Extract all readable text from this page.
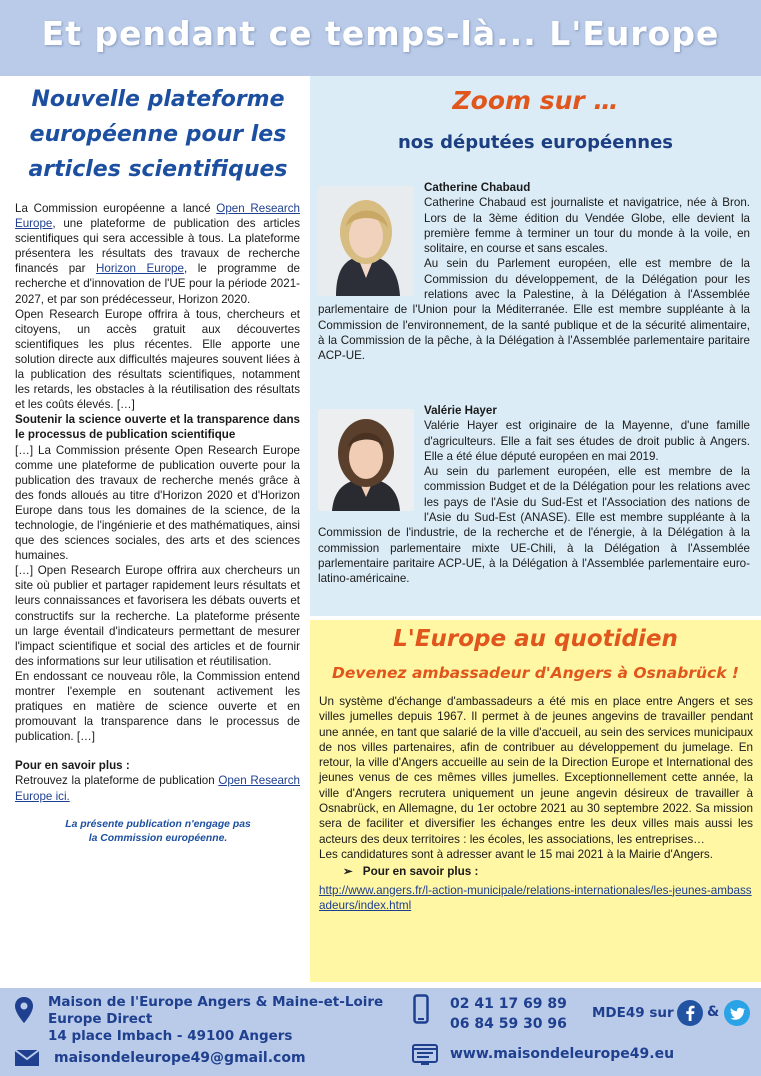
Et pendant ce temps-là... L'Europe
Nouvelle plateforme
européenne pour les
articles scientifiques

La Commission européenne a lancé Open Research Europe, une plateforme de publication des articles scientifiques qui sera accessible à tous. La plateforme présentera les résultats des travaux de recherche financés par Horizon Europe, le programme de recherche et d'innovation de l'UE pour la période 2021-2027, et par son prédécesseur, Horizon 2020.

Open Research Europe offrira à tous, chercheurs et citoyens, un accès gratuit aux découvertes scientifiques les plus récentes. Elle apporte une solution directe aux difficultés majeures souvent liées à la publication des résultats scientifiques, notamment les retards, les obstacles à la réutilisation des résultats et les coûts élevés. […]

Soutenir la science ouverte et la transparence dans le processus de publication scientifique

[…] La Commission présente Open Research Europe comme une plateforme de publication ouverte pour la publication des travaux de recherche menés grâce à des fonds alloués au titre d'Horizon 2020 et d'Horizon Europe dans tous les domaines de la science, de la technologie, de l'ingénierie et des mathématiques, ainsi que des sciences sociales, des arts et des sciences humaines.

[…] Open Research Europe offrira aux chercheurs un site où publier et partager rapidement leurs résultats et leurs connaissances et favorisera les débats ouverts et constructifs sur la recherche. La plateforme présente un large éventail d'indicateurs permettant de mesurer l'impact scientifique et social des articles et de fournir des informations sur leur utilisation et réutilisation.

En endossant ce nouveau rôle, la Commission entend montrer l'exemple en soutenant activement les pratiques en matière de science ouverte et en promouvant la transparence dans le processus de publication. […]

Pour en savoir plus :
Retrouvez la plateforme de publication Open Research Europe ici.
La présente publication n'engage pas
la Commission européenne.
Zoom sur …
nos députées européennes
Catherine Chabaud

Catherine Chabaud est journaliste et navigatrice, née à Bron. Lors de la 3ème édition du Vendée Globe, elle devient la première femme à terminer un tour du monde à la voile, en solitaire, en course et sans escales.

Au sein du Parlement européen, elle est membre de la Commission du développement, de la Délégation pour les relations avec la Palestine, à la Délégation à l'Assemblée parlementaire de l'Union pour la Méditerranée. Elle est membre suppléante à la Commission de l'environnement, de la santé publique et de la sécurité alimentaire, à la Commission de la pêche, à la Délégation à l'Assemblée parlementaire paritaire ACP-UE.

Valérie Hayer

Valérie Hayer est originaire de la Mayenne, d'une famille d'agriculteurs. Elle a fait ses études de droit public à Angers. Elle a été élue député européen en mai 2019.

Au sein du parlement européen, elle est membre de la commission Budget et de la Délégation pour les relations avec les pays de l'Asie du Sud-Est et l'Association des nations de l'Asie du Sud-Est (ANASE). Elle est membre suppléante à la Commission de l'industrie, de la recherche et de l'énergie, à la Délégation à la commission parlementaire mixte UE-Chili, à la Délégation à l'Assemblée parlementaire paritaire ACP-UE, à la Délégation à l'Assemblée parlementaire euro-latino-américaine.

L'Europe au quotidien
Devenez ambassadeur d'Angers à Osnabrück !

Un système d'échange d'ambassadeurs a été mis en place entre Angers et ses villes jumelles depuis 1967. Il permet à de jeunes angevins de travailler pendant une année, en tant que salarié de la ville d'accueil, au sein des services municipaux de nos villes partenaires, afin de contribuer au développement du jumelage. En retour, la ville d'Angers accueille au sein de la Direction Europe et International des jeunes venus de ces mêmes villes jumelles. Exceptionnellement cette année, la ville d'Angers recrutera uniquement un jeune angevin désireux de travailler à Osnabrück, en Allemagne, du 1er octobre 2021 au 30 septembre 2022. Sa mission sera de faciliter et diversifier les échanges entre les deux villes mais aussi les acteurs des deux territoires : les écoles, les associations, les entreprises…

Les candidatures sont à adresser avant le 15 mai 2021 à la Mairie d'Angers.

➢ Pour en savoir plus :
http://www.angers.fr/l-action-municipale/relations-internationales/les-jeunes-ambassadeurs/index.html
Maison de l'Europe Angers & Maine-et-Loire
Europe Direct
14 place Imbach - 49100 Angers
maisondeleurope49@gmail.com
02 41 17 69 89
06 84 59 30 96
www.maisondeleurope49.eu
MDE49 sur &
